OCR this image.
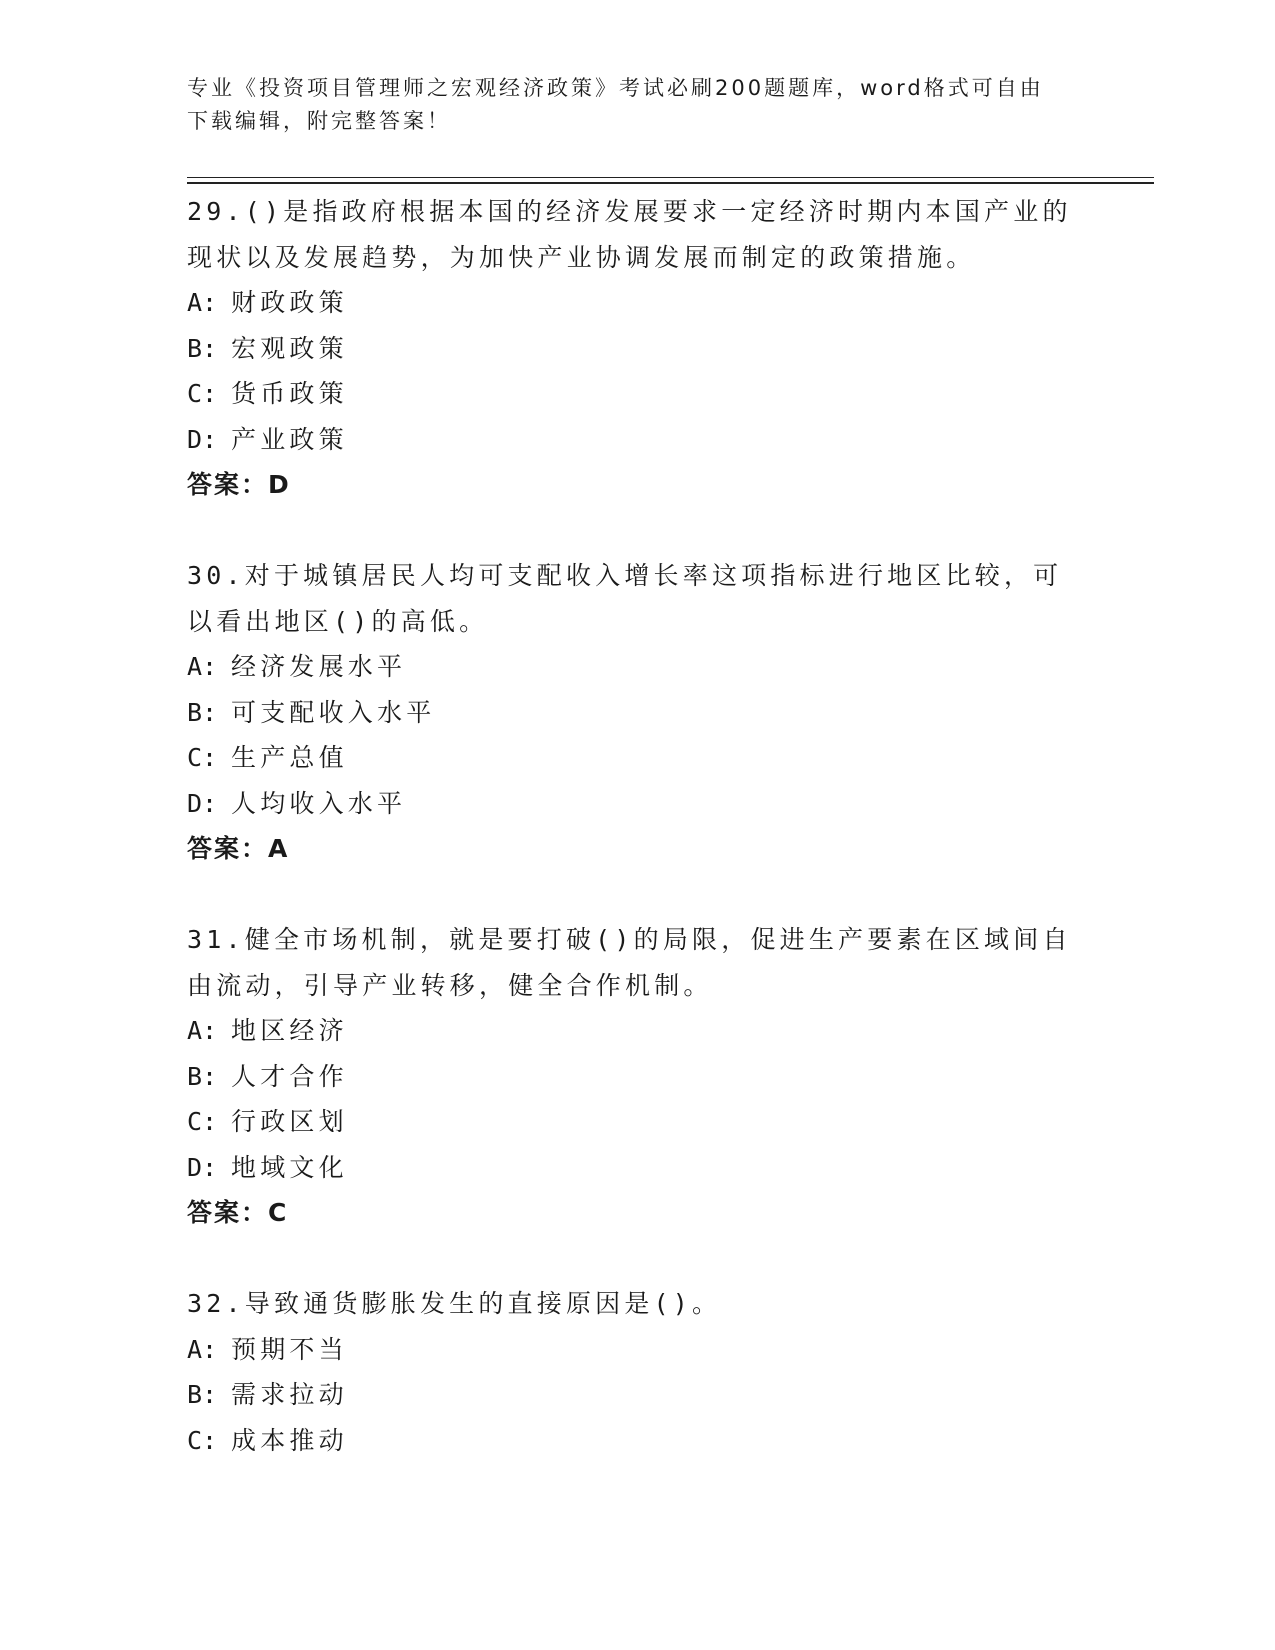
专业《投资项目管理师之宏观经济政策》考试必刷200题题库，word格式可自由下载编辑，附完整答案！
29.()是指政府根据本国的经济发展要求一定经济时期内本国产业的现状以及发展趋势，为加快产业协调发展而制定的政策措施。
A: 财政政策
B: 宏观政策
C: 货币政策
D: 产业政策
答案：D
30.对于城镇居民人均可支配收入增长率这项指标进行地区比较，可以看出地区()的高低。
A: 经济发展水平
B: 可支配收入水平
C: 生产总值
D: 人均收入水平
答案：A
31.健全市场机制，就是要打破()的局限，促进生产要素在区域间自由流动，引导产业转移，健全合作机制。
A: 地区经济
B: 人才合作
C: 行政区划
D: 地域文化
答案：C
32.导致通货膨胀发生的直接原因是()。
A: 预期不当
B: 需求拉动
C: 成本推动
